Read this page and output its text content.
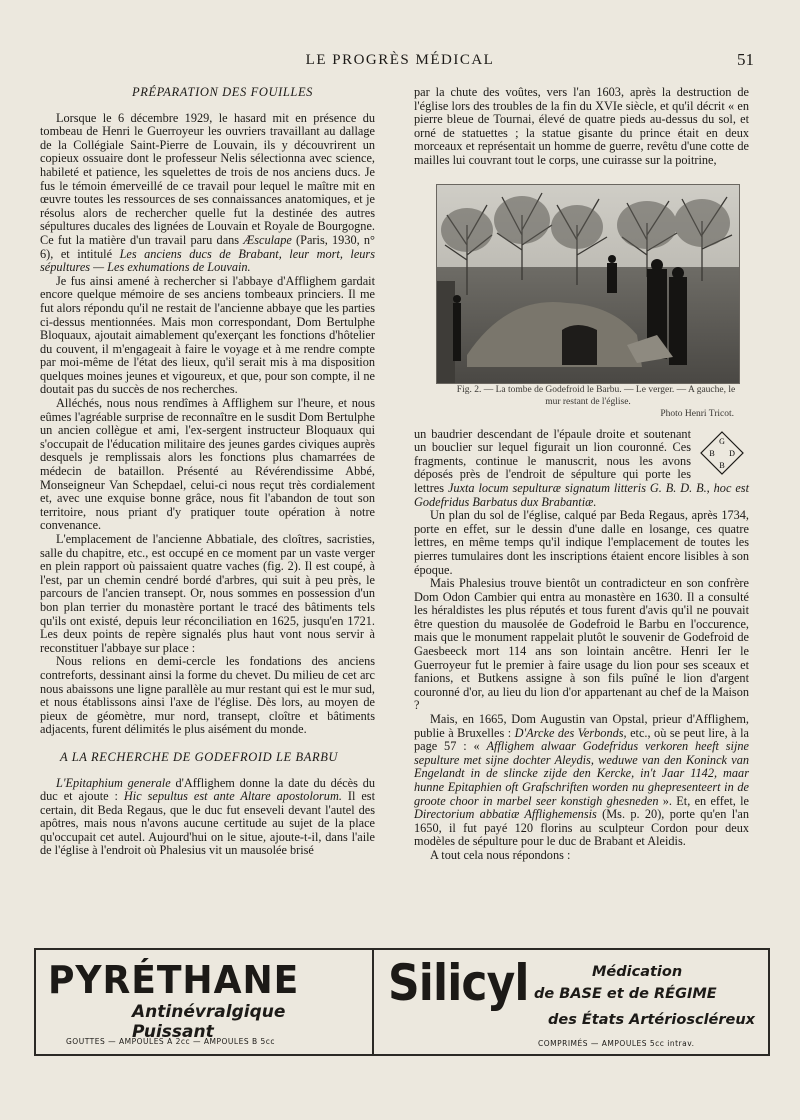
LE PROGRÈS MÉDICAL	51

PRÉPARATION DES FOUILLES

Lorsque le 6 décembre 1929, le hasard mit en présence du tombeau de Henri le Guerroyeur les ouvriers travaillant au dallage de la Collégiale Saint-Pierre de Louvain, ils y découvrirent un copieux ossuaire dont le professeur Nelis sélectionna avec science, habileté et patience, les squelettes de trois de nos anciens ducs. Je fus le témoin émerveillé de ce travail pour lequel le maître mit en œuvre toutes les ressources de ses connaissances anatomiques, et je résolus alors de rechercher quelle fut la destinée des autres sépultures ducales des lignées de Louvain et Royale de Bourgogne. Ce fut la matière d'un travail paru dans Æsculape (Paris, 1930, n° 6), et intitulé Les anciens ducs de Brabant, leur mort, leurs sépultures — Les exhumations de Louvain.

Je fus ainsi amené à rechercher si l'abbaye d'Afflighem gardait encore quelque mémoire de ses anciens tombeaux princiers. Il me fut alors répondu qu'il ne restait de l'ancienne abbaye que les parties ci-dessus mentionnées. Mais mon correspondant, Dom Bertulphe Bloquaux, ajoutait aimablement qu'exerçant les fonctions d'hôtelier du couvent, il m'engageait à faire le voyage et à me rendre compte par moi-même de l'état des lieux, qu'il serait mis à ma disposition quelques moines jeunes et vigoureux, et que, pour son compte, il ne doutait pas du succès de nos recherches.

Alléchés, nous nous rendîmes à Afflighem sur l'heure, et nous eûmes l'agréable surprise de reconnaître en le susdit Dom Bertulphe un ancien collègue et ami, l'ex-sergent instructeur Bloquaux qui s'occupait de l'éducation militaire des jeunes gardes civiques auprès desquels je remplissais alors les fonctions plus chamarrées de médecin de bataillon. Présenté au Révérendissime Abbé, Monseigneur Van Schepdael, celui-ci nous reçut très cordialement et, avec une exquise bonne grâce, nous fit l'abandon de tout son territoire, nous priant d'y pratiquer toute opération à notre convenance.

L'emplacement de l'ancienne Abbatiale, des cloîtres, sacristies, salle du chapitre, etc., est occupé en ce moment par un vaste verger en plein rapport où paissaient quatre vaches (fig. 2). Il est coupé, à l'est, par un chemin cendré bordé d'arbres, qui suit à peu près, le parcours de l'ancien transept. Or, nous sommes en possession d'un bon plan terrier du monastère portant le tracé des bâtiments tels qu'ils ont existé, depuis leur réconciliation en 1625, jusqu'en 1721. Les deux points de repère signalés plus haut vont nous servir à reconstituer l'abbaye sur place :

Nous relions en demi-cercle les fondations des anciens contreforts, dessinant ainsi la forme du chevet. Du milieu de cet arc nous abaissons une ligne parallèle au mur restant qui est le mur sud, et nous établissons ainsi l'axe de l'église. Dès lors, au moyen de pieux de géomètre, mur nord, transept, cloître et bâtiments adjacents, furent délimités le plus aisément du monde.

A LA RECHERCHE DE GODEFROID LE BARBU

L'Epitaphium generale d'Afflighem donne la date du décès du duc et ajoute : Hic sepultus est ante Altare apostolorum. Il est certain, dit Beda Regaus, que le duc fut enseveli devant l'autel des apôtres, mais nous n'avons aucune certitude au sujet de la place qu'occupait cet autel. Aujourd'hui on le situe, ajoute-t-il, dans l'aile de l'église à l'endroit où Phalesius vit un mausolée brisé

par la chute des voûtes, vers l'an 1603, après la destruction de l'église lors des troubles de la fin du XVIe siècle, et qu'il décrit « en pierre bleue de Tournai, élevé de quatre pieds au-dessus du sol, et orné de statuettes ; la statue gisante du prince était en deux morceaux et représentait un homme de guerre, revêtu d'une cotte de mailles lui couvrant tout le corps, une cuirasse sur la poitrine,

Fig. 2. — La tombe de Godefroid le Barbu. — Le verger. — A gauche, le mur restant de l'église.

Photo Henri Tricot.

G
B D
B
un baudrier descendant de l'épaule droite et soutenant un bouclier sur lequel figurait un lion couronné. Ces fragments, continue le manuscrit, nous les avons déposés près de l'endroit de sépulture qui porte les lettres Juxta locum sepulturæ signatum litteris G. B. D. B., hoc est Godefridus Barbatus dux Brabantiæ.

Un plan du sol de l'église, calqué par Beda Regaus, après 1734, porte en effet, sur le dessin d'une dalle en losange, ces quatre lettres, en même temps qu'il indique l'emplacement de toutes les pierres tumulaires dont les inscriptions étaient encore lisibles à son époque.

Mais Phalesius trouve bientôt un contradicteur en son confrère Dom Odon Cambier qui entra au monastère en 1630. Il a consulté les héraldistes les plus réputés et tous furent d'avis qu'il ne pouvait être question du mausolée de Godefroid le Barbu en l'occurence, mais que le monument rappelait plutôt le souvenir de Godefroid de Gaesbeeck mort 114 ans son lointain ancêtre. Henri Ier le Guerroyeur fut le premier à faire usage du lion pour ses sceaux et fanions, et Butkens assigne à son fils puîné le lion d'argent couronné d'or, au lieu du lion d'or appartenant au chef de la Maison ?

Mais, en 1665, Dom Augustin van Opstal, prieur d'Afflighem, publie à Bruxelles : D'Arcke des Verbonds, etc., où se peut lire, à la page 57 : « Afflighem alwaar Godefridus verkoren heeft sijne sepulture met sijne dochter Aleydis, weduwe van den Koninck van Engelandt in de slincke zijde den Kercke, in't Jaar 1142, maar hunne Epitaphien oft Grafschriften worden nu ghepresenteert in de groote choor in marbel seer konstigh ghesneden ». Et, en effet, le Directorium abbatiæ Afflighemensis (Ms. p. 20), porte qu'en l'an 1650, il fut payé 120 florins au sculpteur Cordon pour deux modèles de sépulture pour le duc de Brabant et Aleidis.

A tout cela nous répondons :

PYRÉTHANE
Antinévralgique Puissant
GOUTTES — AMPOULES A 2cc — AMPOULES B 5cc
Silicyl	Médication
de BASE et de RÉGIME
des États Artérioscléreux
COMPRIMÉS — AMPOULES 5cc intrav.
